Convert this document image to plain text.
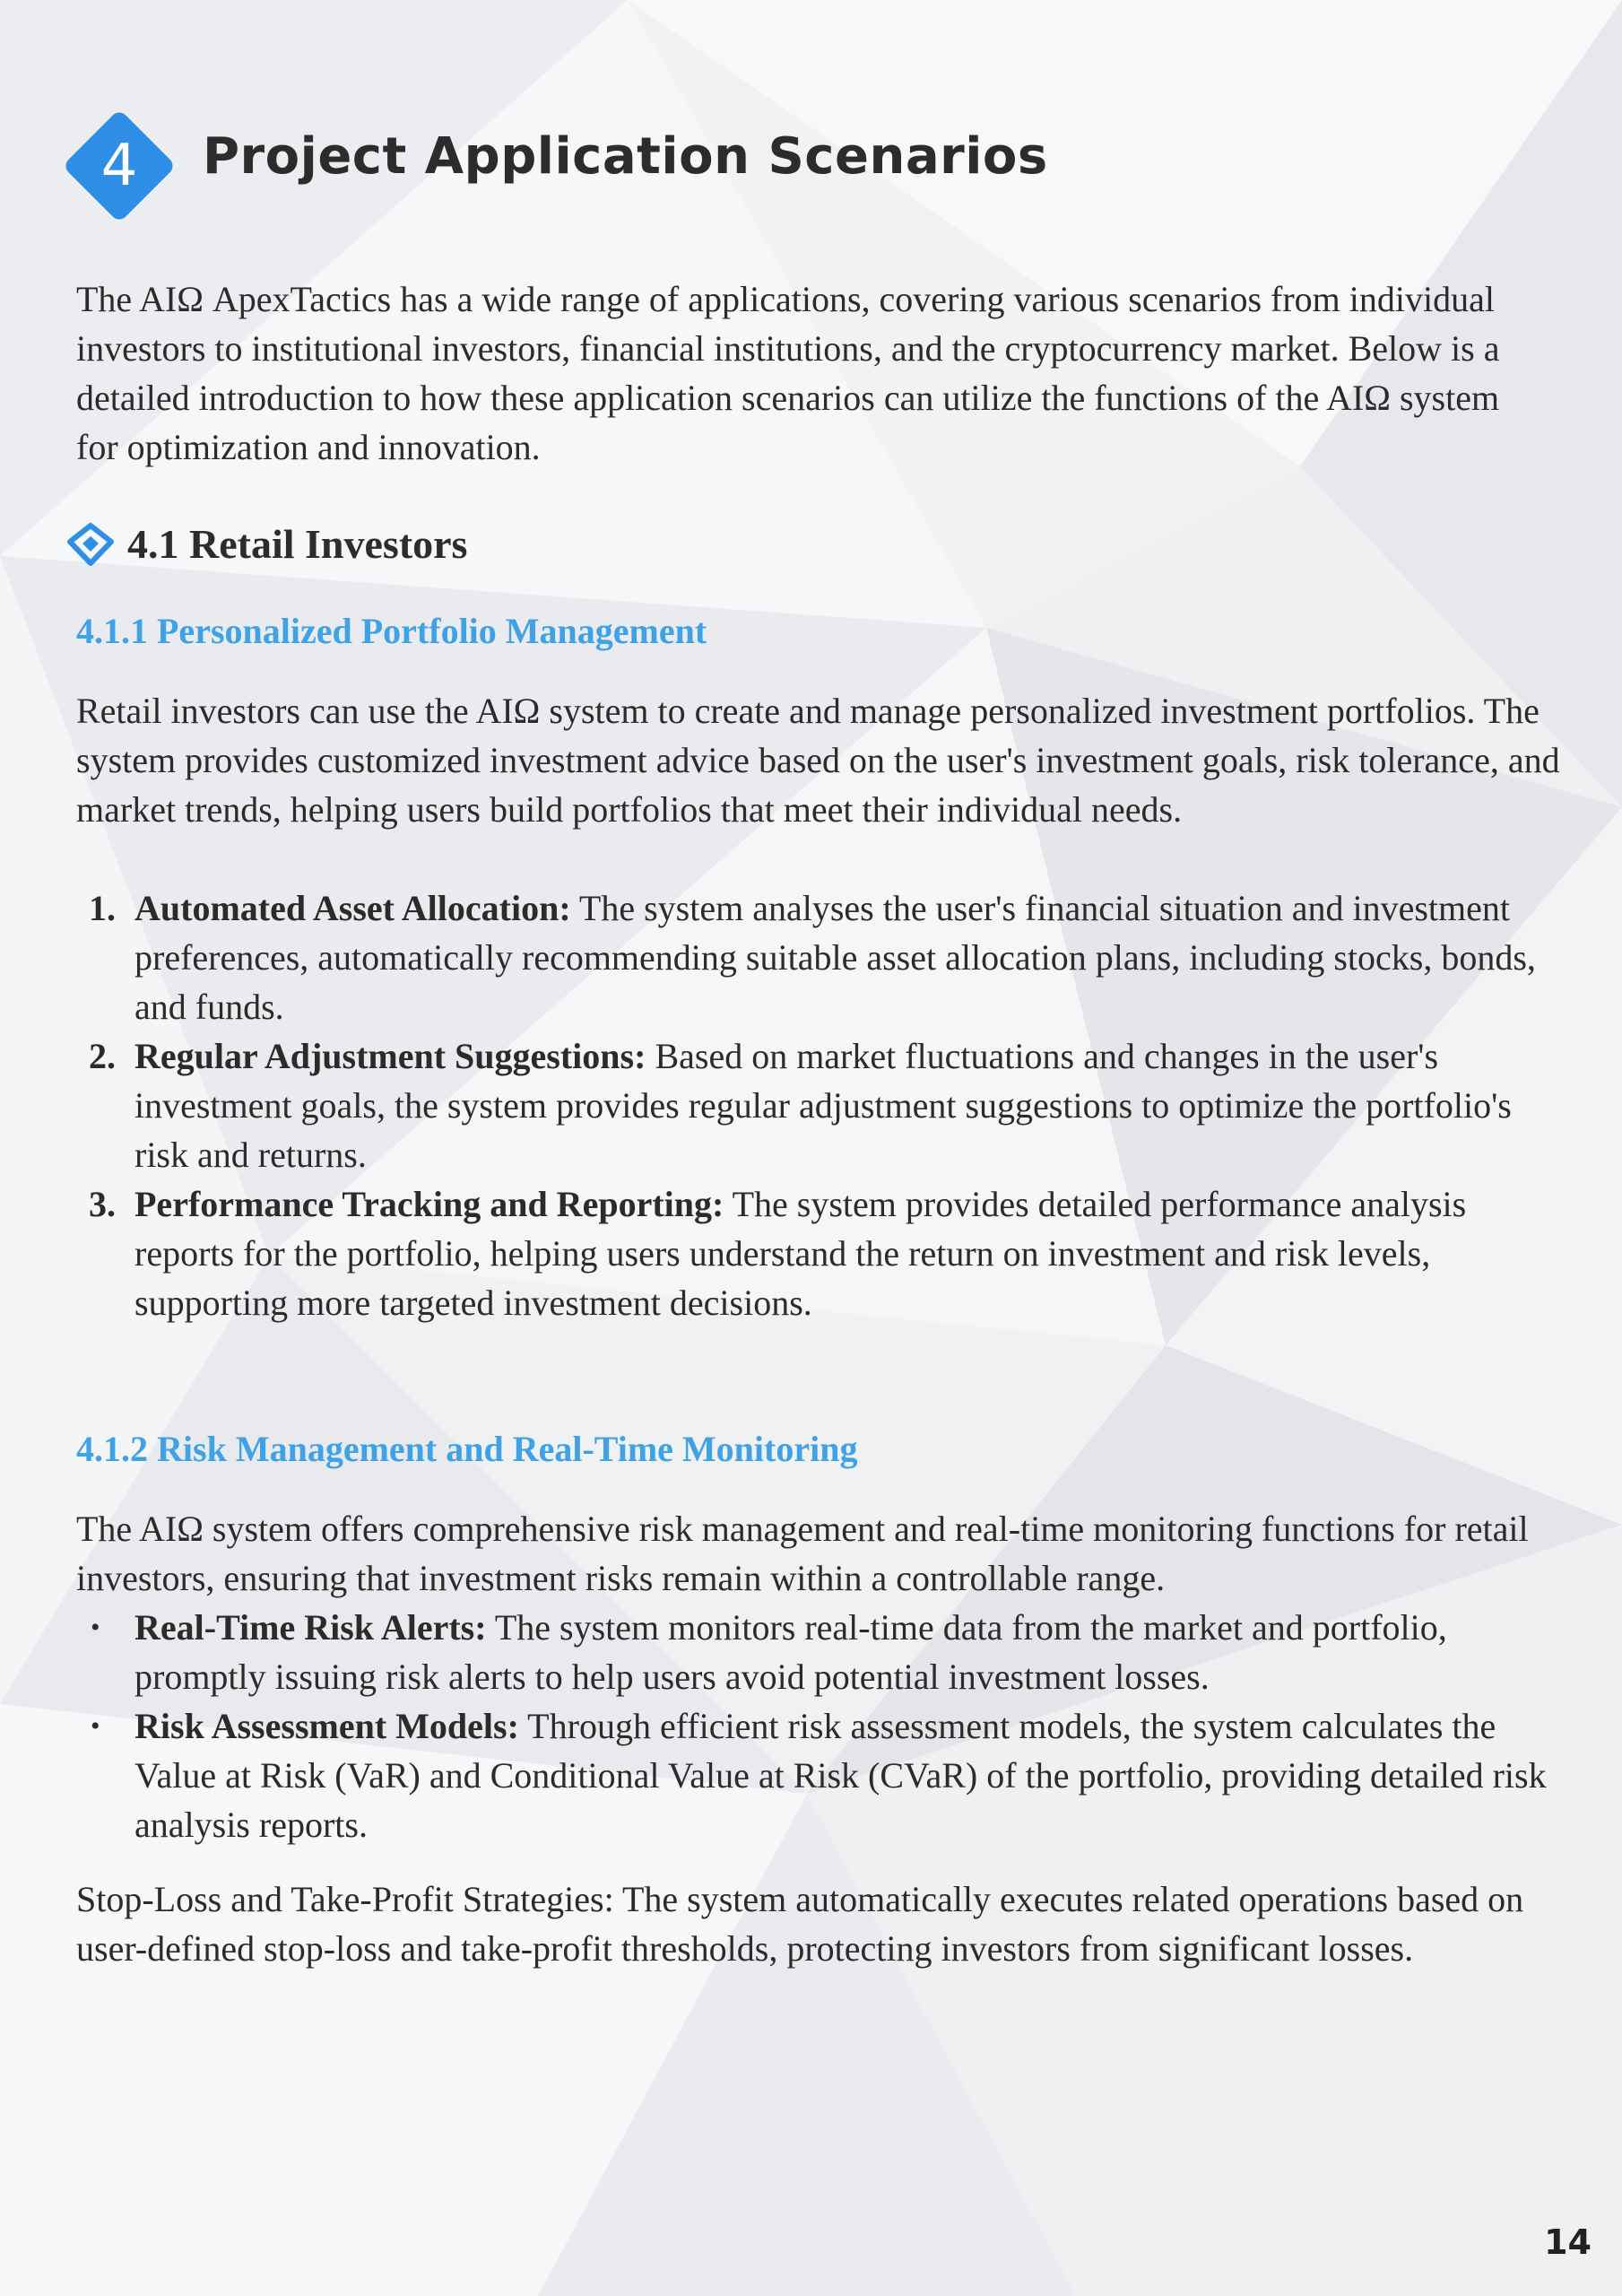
4	Project Application Scenarios

The AIΩ ApexTactics has a wide range of applications, covering various scenarios from individual investors to institutional investors, financial institutions, and the cryptocurrency market. Below is a detailed introduction to how these application scenarios can utilize the functions of the AIΩ system for optimization and innovation.

4.1 Retail Investors
4.1.1 Personalized Portfolio Management

Retail investors can use the AIΩ system to create and manage personalized investment portfolios. The system provides customized investment advice based on the user's investment goals, risk tolerance, and market trends, helping users build portfolios that meet their individual needs.

1. Automated Asset Allocation: The system analyses the user's financial situation and investment preferences, automatically recommending suitable asset allocation plans, including stocks, bonds, and funds.
2. Regular Adjustment Suggestions: Based on market fluctuations and changes in the user's investment goals, the system provides regular adjustment suggestions to optimize the portfolio's risk and returns.
3. Performance Tracking and Reporting: The system provides detailed performance analysis reports for the portfolio, helping users understand the return on investment and risk levels, supporting more targeted investment decisions.
4.1.2 Risk Management and Real-Time Monitoring

The AIΩ system offers comprehensive risk management and real-time monitoring functions for retail investors, ensuring that investment risks remain within a controllable range.

• Real-Time Risk Alerts: The system monitors real-time data from the market and portfolio, promptly issuing risk alerts to help users avoid potential investment losses.
• Risk Assessment Models: Through efficient risk assessment models, the system calculates the Value at Risk (VaR) and Conditional Value at Risk (CVaR) of the portfolio, providing detailed risk analysis reports.

Stop-Loss and Take-Profit Strategies: The system automatically executes related operations based on user-defined stop-loss and take-profit thresholds, protecting investors from significant losses.

14
